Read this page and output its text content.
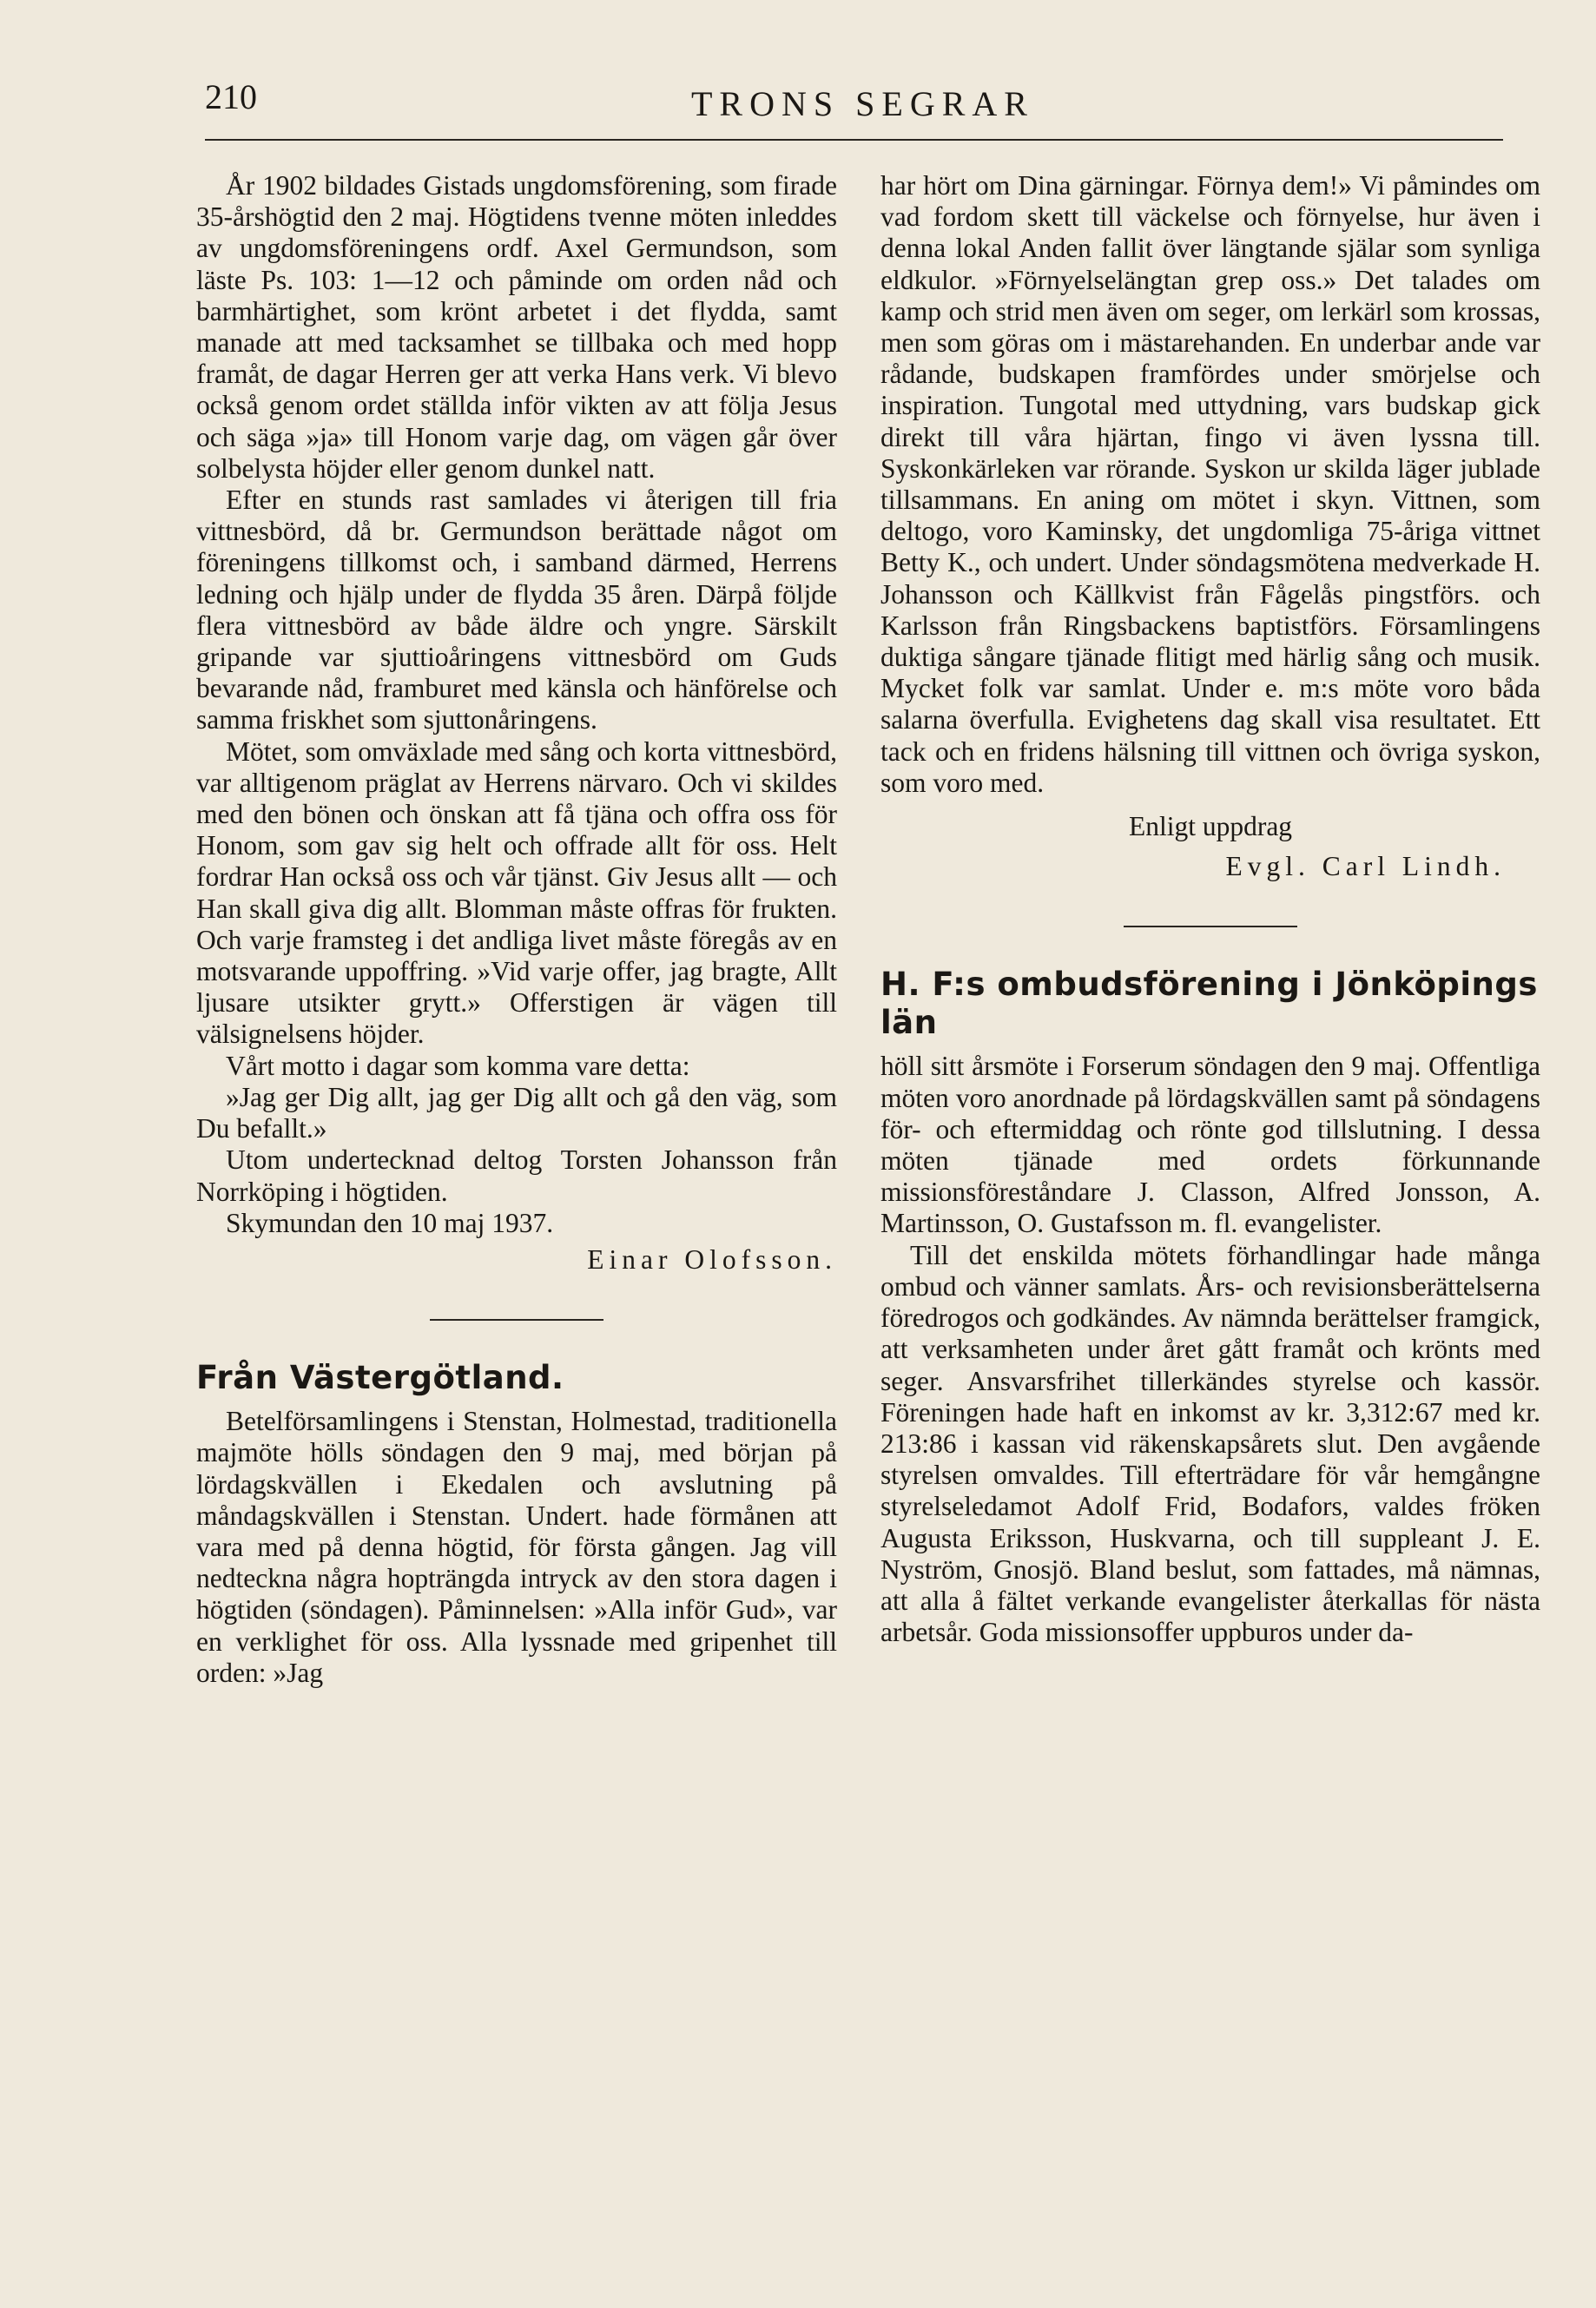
210	TRONS SEGRAR

År 1902 bildades Gistads ungdomsförening, som firade 35-årshögtid den 2 maj. Högtidens tvenne möten inleddes av ungdomsföreningens ordf. Axel Germundson, som läste Ps. 103: 1—12 och påminde om orden nåd och barmhärtighet, som krönt arbetet i det flydda, samt manade att med tacksamhet se tillbaka och med hopp framåt, de dagar Herren ger att verka Hans verk. Vi blevo också genom ordet ställda inför vikten av att följa Jesus och säga »ja» till Honom varje dag, om vägen går över solbelysta höjder eller genom dunkel natt.

Efter en stunds rast samlades vi återigen till fria vittnesbörd, då br. Germundson berättade något om föreningens tillkomst och, i samband därmed, Herrens ledning och hjälp under de flydda 35 åren. Därpå följde flera vittnesbörd av både äldre och yngre. Särskilt gripande var sjuttioåringens vittnesbörd om Guds bevarande nåd, framburet med känsla och hänförelse och samma friskhet som sjuttonåringens.

Mötet, som omväxlade med sång och korta vittnesbörd, var alltigenom präglat av Herrens närvaro. Och vi skildes med den bönen och önskan att få tjäna och offra oss för Honom, som gav sig helt och offrade allt för oss. Helt fordrar Han också oss och vår tjänst. Giv Jesus allt — och Han skall giva dig allt. Blomman måste offras för frukten. Och varje framsteg i det andliga livet måste föregås av en motsvarande uppoffring. »Vid varje offer, jag bragte, Allt ljusare utsikter grytt.» Offerstigen är vägen till välsignelsens höjder.

Vårt motto i dagar som komma vare detta:

»Jag ger Dig allt, jag ger Dig allt och gå den väg, som Du befallt.»

Utom undertecknad deltog Torsten Johansson från Norrköping i högtiden.

Skymundan den 10 maj 1937.

Einar Olofsson.

Från Västergötland.

Betelförsamlingens i Stenstan, Holmestad, traditionella majmöte hölls söndagen den 9 maj, med början på lördagskvällen i Ekedalen och avslutning på måndagskvällen i Stenstan. Undert. hade förmånen att vara med på denna högtid, för första gången. Jag vill nedteckna några hopträngda intryck av den stora dagen i högtiden (söndagen). Påminnelsen: »Alla inför Gud», var en verklighet för oss. Alla lyssnade med gripenhet till orden: »Jag

har hört om Dina gärningar. Förnya dem!» Vi påmindes om vad fordom skett till väckelse och förnyelse, hur även i denna lokal Anden fallit över längtande själar som synliga eldkulor. »Förnyelselängtan grep oss.» Det talades om kamp och strid men även om seger, om lerkärl som krossas, men som göras om i mästarehanden. En underbar ande var rådande, budskapen framfördes under smörjelse och inspiration. Tungotal med uttydning, vars budskap gick direkt till våra hjärtan, fingo vi även lyssna till. Syskonkärleken var rörande. Syskon ur skilda läger jublade tillsammans. En aning om mötet i skyn. Vittnen, som deltogo, voro Kaminsky, det ungdomliga 75-åriga vittnet Betty K., och undert. Under söndagsmötena medverkade H. Johansson och Källkvist från Fågelås pingstförs. och Karlsson från Ringsbackens baptistförs. Församlingens duktiga sångare tjänade flitigt med härlig sång och musik. Mycket folk var samlat. Under e. m:s möte voro båda salarna överfulla. Evighetens dag skall visa resultatet. Ett tack och en fridens hälsning till vittnen och övriga syskon, som voro med.

Enligt uppdrag

Evgl. Carl Lindh.

H. F:s ombudsförening i Jönköpings län

höll sitt årsmöte i Forserum söndagen den 9 maj. Offentliga möten voro anordnade på lördagskvällen samt på söndagens för- och eftermiddag och rönte god tillslutning. I dessa möten tjänade med ordets förkunnande missionsföreståndare J. Classon, Alfred Jonsson, A. Martinsson, O. Gustafsson m. fl. evangelister.

Till det enskilda mötets förhandlingar hade många ombud och vänner samlats. Års- och revisionsberättelserna föredrogos och godkändes. Av nämnda berättelser framgick, att verksamheten under året gått framåt och krönts med seger. Ansvarsfrihet tillerkändes styrelse och kassör. Föreningen hade haft en inkomst av kr. 3,312:67 med kr. 213:86 i kassan vid räkenskapsårets slut. Den avgående styrelsen omvaldes. Till efterträdare för vår hemgångne styrelseledamot Adolf Frid, Bodafors, valdes fröken Augusta Eriksson, Huskvarna, och till suppleant J. E. Nyström, Gnosjö. Bland beslut, som fattades, må nämnas, att alla å fältet verkande evangelister återkallas för nästa arbetsår. Goda missionsoffer uppburos under da-
